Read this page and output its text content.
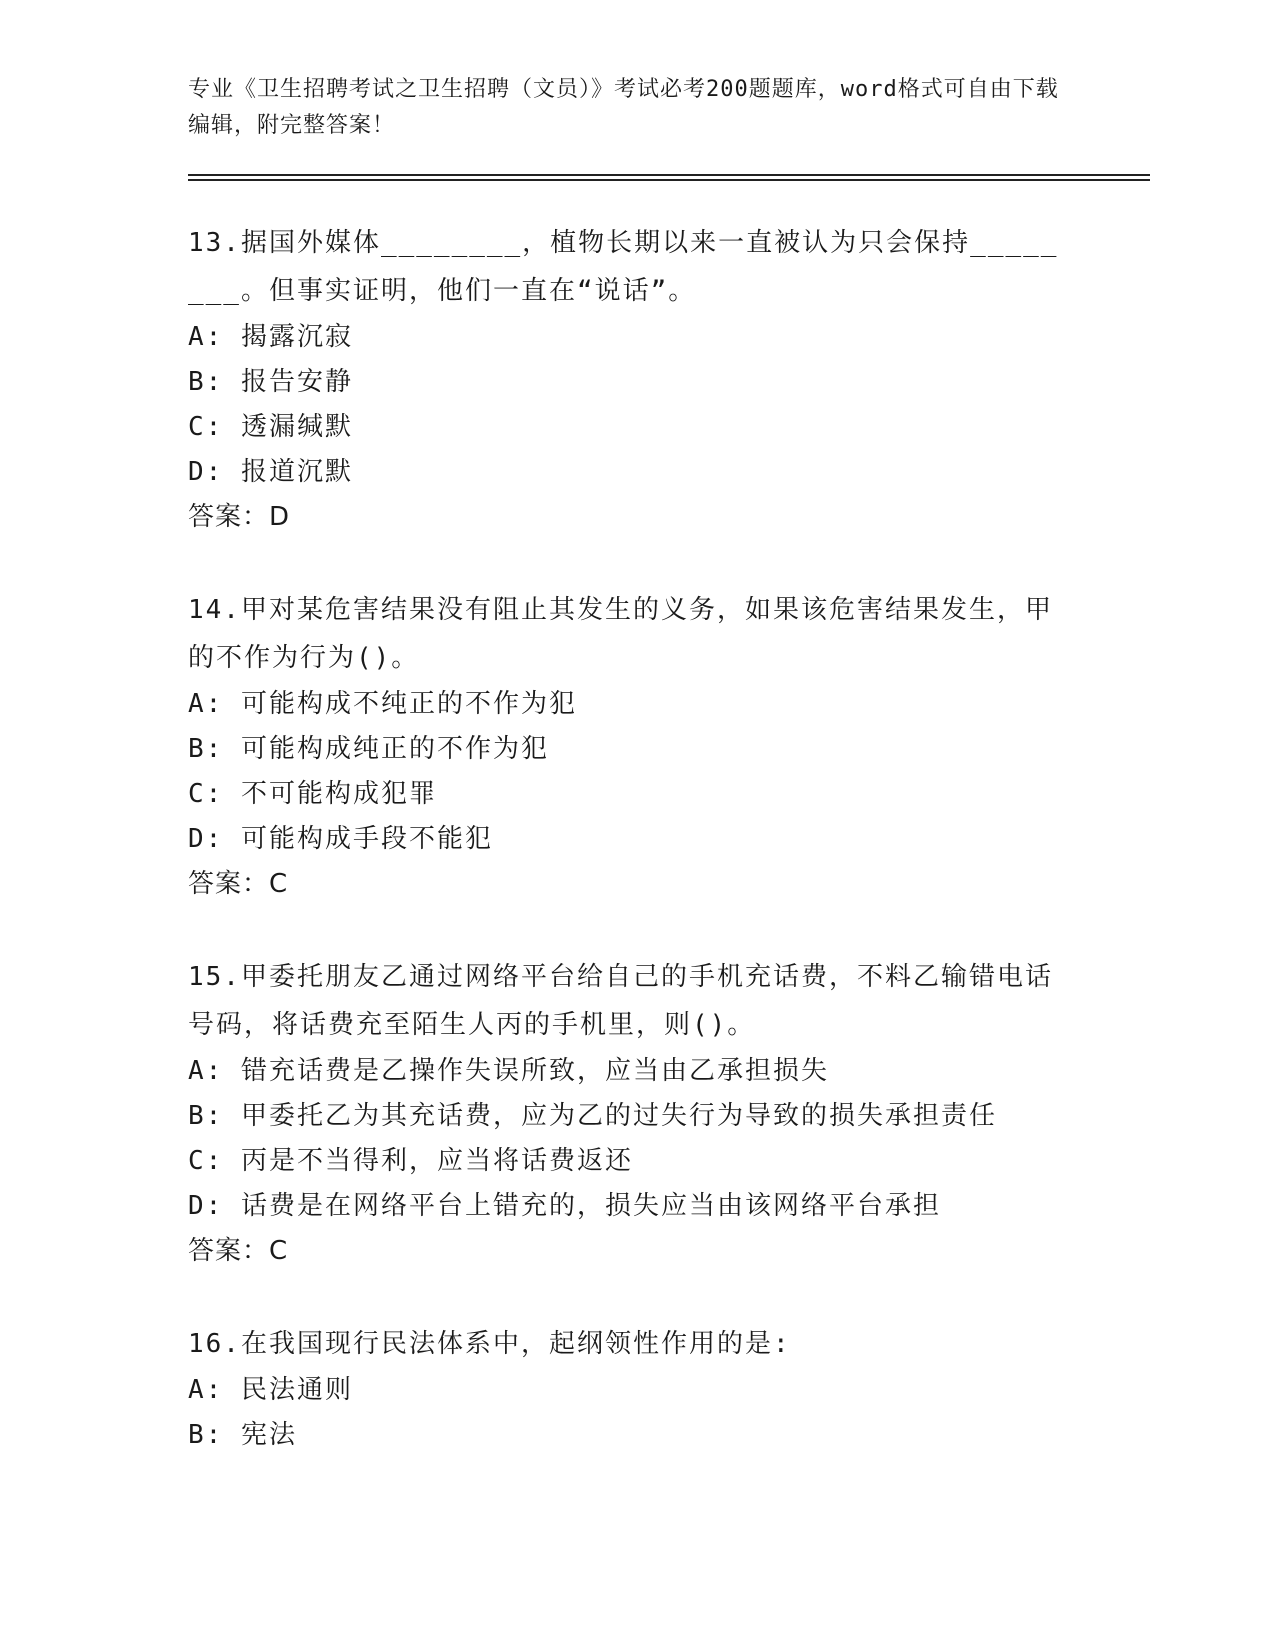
专业《卫生招聘考试之卫生招聘（文员）》考试必考200题题库，word格式可自由下载编辑，附完整答案！
13.据国外媒体________，植物长期以来一直被认为只会保持________。但事实证明，他们一直在“说话”。
A: 揭露沉寂
B: 报告安静
C: 透漏缄默
D: 报道沉默
答案：D
14.甲对某危害结果没有阻止其发生的义务，如果该危害结果发生，甲的不作为行为()。
A: 可能构成不纯正的不作为犯
B: 可能构成纯正的不作为犯
C: 不可能构成犯罪
D: 可能构成手段不能犯
答案：C
15.甲委托朋友乙通过网络平台给自己的手机充话费，不料乙输错电话号码，将话费充至陌生人丙的手机里，则()。
A: 错充话费是乙操作失误所致，应当由乙承担损失
B: 甲委托乙为其充话费，应为乙的过失行为导致的损失承担责任
C: 丙是不当得利，应当将话费返还
D: 话费是在网络平台上错充的，损失应当由该网络平台承担
答案：C
16.在我国现行民法体系中，起纲领性作用的是:
A: 民法通则
B: 宪法
